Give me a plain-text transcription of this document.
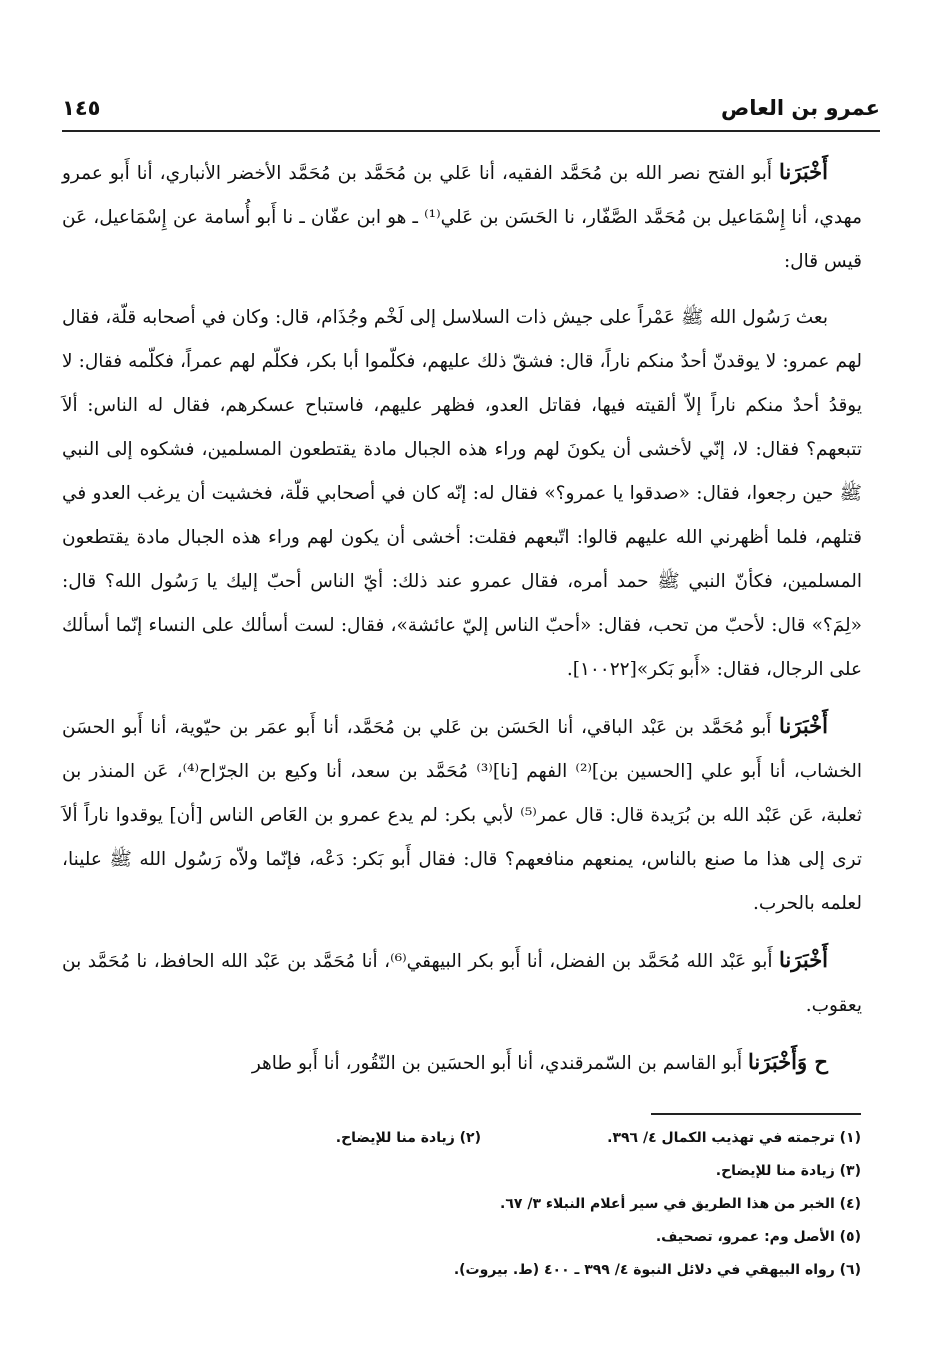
عمرو بن العاص
١٤٥

أَخْبَرَنا أَبو الفتح نصر الله بن مُحَمَّد الفقيه، أنا عَلي بن مُحَمَّد بن مُحَمَّد الأخضر الأنباري، أنا أَبو عمرو مهدي، أنا إِسْمَاعيل بن مُحَمَّد الصَّفّار، نا الحَسَن بن عَلي⁽¹⁾ ـ هو ابن عفّان ـ نا أَبو أُسامة عن إِسْمَاعيل، عَن قيس قال:

بعث رَسُول الله ﷺ عَمْراً على جيش ذات السلاسل إلى لَخْم وجُذَام، قال: وكان في أصحابه قلّة، فقال لهم عمرو: لا يوقدنّ أحدٌ منكم ناراً، قال: فشقّ ذلك عليهم، فكلّموا أبا بكر، فكلّم لهم عمراً، فكلّمه فقال: لا يوقدُ أحدٌ منكم ناراً إلاّ ألقيته فيها، فقاتل العدو، فظهر عليهم، فاستباح عسكرهم، فقال له الناس: ألاَ تتبعهم؟ فقال: لا، إنّي لأخشى أن يكونَ لهم وراء هذه الجبال مادة يقتطعون المسلمين، فشكوه إلى النبي ﷺ حين رجعوا، فقال: «صدقوا يا عمرو؟» فقال له: إنّه كان في أصحابي قلّة، فخشيت أن يرغب العدو في قتلهم، فلما أظهرني الله عليهم قالوا: اتّبعهم فقلت: أخشى أن يكون لهم وراء هذه الجبال مادة يقتطعون المسلمين، فكأنّ النبي ﷺ حمد أمره، فقال عمرو عند ذلك: أيّ الناس أحبّ إليك يا رَسُول الله؟ قال: «لِمَ؟» قال: لأحبّ من تحب، فقال: «أحبّ الناس إليّ عائشة»، فقال: لست أسألك على النساء إنّما أسألك على الرجال، فقال: «أَبو بَكر»[١٠٠٢٢].

أَخْبَرَنا أَبو مُحَمَّد بن عَبْد الباقي، أنا الحَسَن بن عَلي بن مُحَمَّد، أنا أَبو عمَر بن حيّوية، أنا أَبو الحسَن الخشاب، أنا أَبو علي [الحسين بن]⁽²⁾ الفهم [نا]⁽³⁾ مُحَمَّد بن سعد، أنا وكيع بن الجرّاح⁽⁴⁾، عَن المنذر بن ثعلبة، عَن عَبْد الله بن بُرَيدة قال: قال عمر⁽⁵⁾ لأبي بكر: لم يدع عمرو بن العَاص الناس [أن] يوقدوا ناراً ألاَ ترى إلى هذا ما صنع بالناس، يمنعهم منافعهم؟ قال: فقال أَبو بَكر: دَعْه، فإنّما ولاّه رَسُول الله ﷺ علينا، لعلمه بالحرب.

أَخْبَرَنا أَبو عَبْد الله مُحَمَّد بن الفضل، أنا أَبو بكر البيهقي⁽⁶⁾، أنا مُحَمَّد بن عَبْد الله الحافظ، نا مُحَمَّد بن يعقوب.

ح وَأَخْبَرَنا أَبو القاسم بن السّمرقندي، أنا أَبو الحسَين بن النّقُور، أنا أَبو طاهر

(١) ترجمته في تهذيب الكمال ٤/ ٣٩٦.
(٢) زيادة منا للإيضاح.
(٣) زيادة منا للإيضاح.
(٤) الخبر من هذا الطريق في سير أعلام النبلاء ٣/ ٦٧.
(٥) الأصل وم: عمرو، تصحيف.
(٦) رواه البيهقي في دلائل النبوة ٤/ ٣٩٩ ـ ٤٠٠ (ط. بيروت).
